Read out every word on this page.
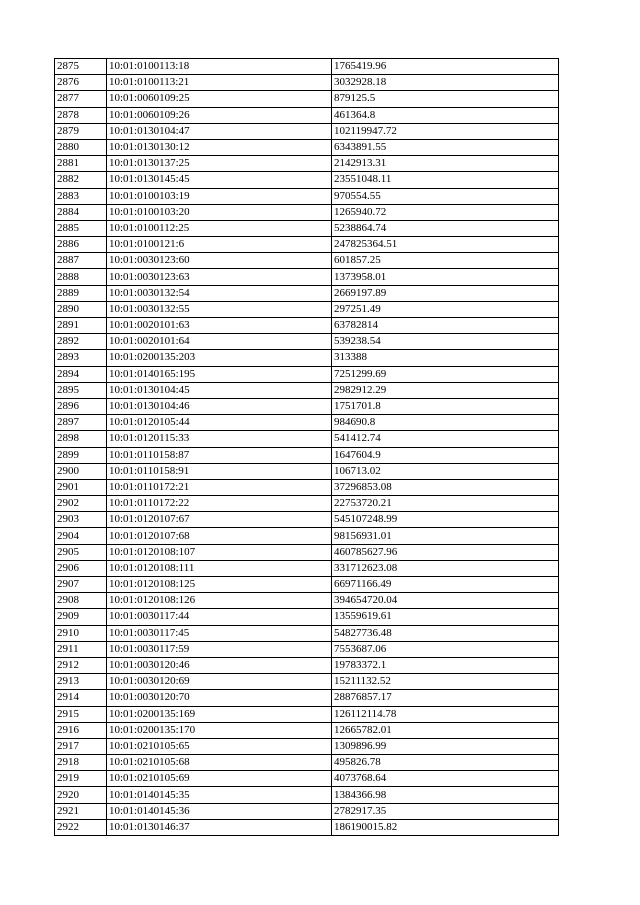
2875	10:01:0100113:18	1765419.96
2876	10:01:0100113:21	3032928.18
2877	10:01:0060109:25	879125.5
2878	10:01:0060109:26	461364.8
2879	10:01:0130104:47	102119947.72
2880	10:01:0130130:12	6343891.55
2881	10:01:0130137:25	2142913.31
2882	10:01:0130145:45	23551048.11
2883	10:01:0100103:19	970554.55
2884	10:01:0100103:20	1265940.72
2885	10:01:0100112:25	5238864.74
2886	10:01:0100121:6	247825364.51
2887	10:01:0030123:60	601857.25
2888	10:01:0030123:63	1373958.01
2889	10:01:0030132:54	2669197.89
2890	10:01:0030132:55	297251.49
2891	10:01:0020101:63	63782814
2892	10:01:0020101:64	539238.54
2893	10:01:0200135:203	313388
2894	10:01:0140165:195	7251299.69
2895	10:01:0130104:45	2982912.29
2896	10:01:0130104:46	1751701.8
2897	10:01:0120105:44	984690.8
2898	10:01:0120115:33	541412.74
2899	10:01:0110158:87	1647604.9
2900	10:01:0110158:91	106713.02
2901	10:01:0110172:21	37296853.08
2902	10:01:0110172:22	22753720.21
2903	10:01:0120107:67	545107248.99
2904	10:01:0120107:68	98156931.01
2905	10:01:0120108:107	460785627.96
2906	10:01:0120108:111	331712623.08
2907	10:01:0120108:125	66971166.49
2908	10:01:0120108:126	394654720.04
2909	10:01:0030117:44	13559619.61
2910	10:01:0030117:45	54827736.48
2911	10:01:0030117:59	7553687.06
2912	10:01:0030120:46	19783372.1
2913	10:01:0030120:69	15211132.52
2914	10:01:0030120:70	28876857.17
2915	10:01:0200135:169	126112114.78
2916	10:01:0200135:170	12665782.01
2917	10:01:0210105:65	1309896.99
2918	10:01:0210105:68	495826.78
2919	10:01:0210105:69	4073768.64
2920	10:01:0140145:35	1384366.98
2921	10:01:0140145:36	2782917.35
2922	10:01:0130146:37	186190015.82
